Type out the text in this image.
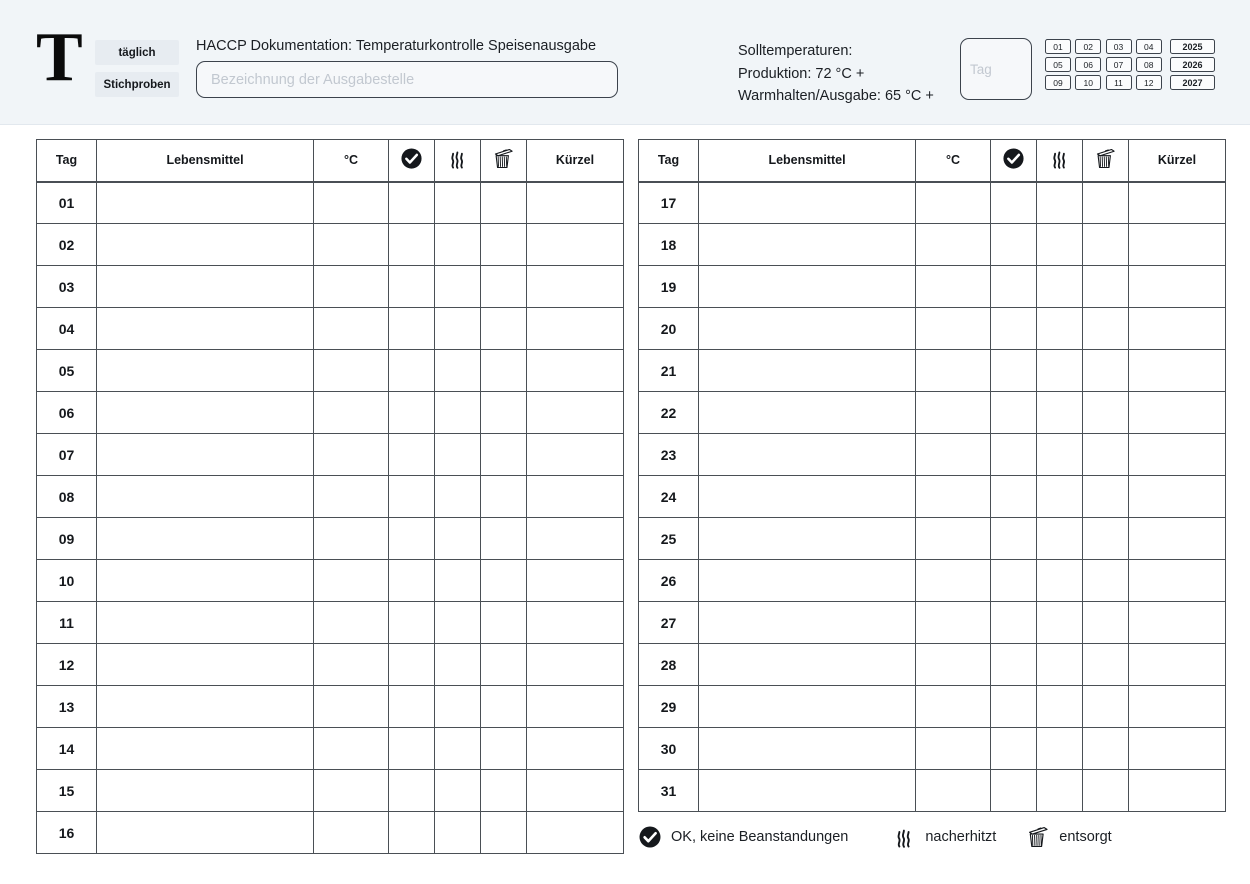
T	täglich
Stichproben
HACCP Dokumentation: Temperaturkontrolle Speisenausgabe
Bezeichnung der Ausgabestelle	Solltemperaturen:
Produktion: 72 °C +
Warmhalten/Ausgabe: 65 °C +
Tag
01	02	03	04
05	06	07	08
09	10	11	12
2025
2026
2027
Tag	Lebensmittel	°C				Kürzel
01						
02						
03						
04						
05						
06						
07						
08						
09						
10						
11						
12						
13						
14						
15						
16						
Tag	Lebensmittel	°C				Kürzel
17						
18						
19						
20						
21						
22						
23						
24						
25						
26						
27						
28						
29						
30						
31						
OK, keine Beanstandungen	nacherhitzt	entsorgt
